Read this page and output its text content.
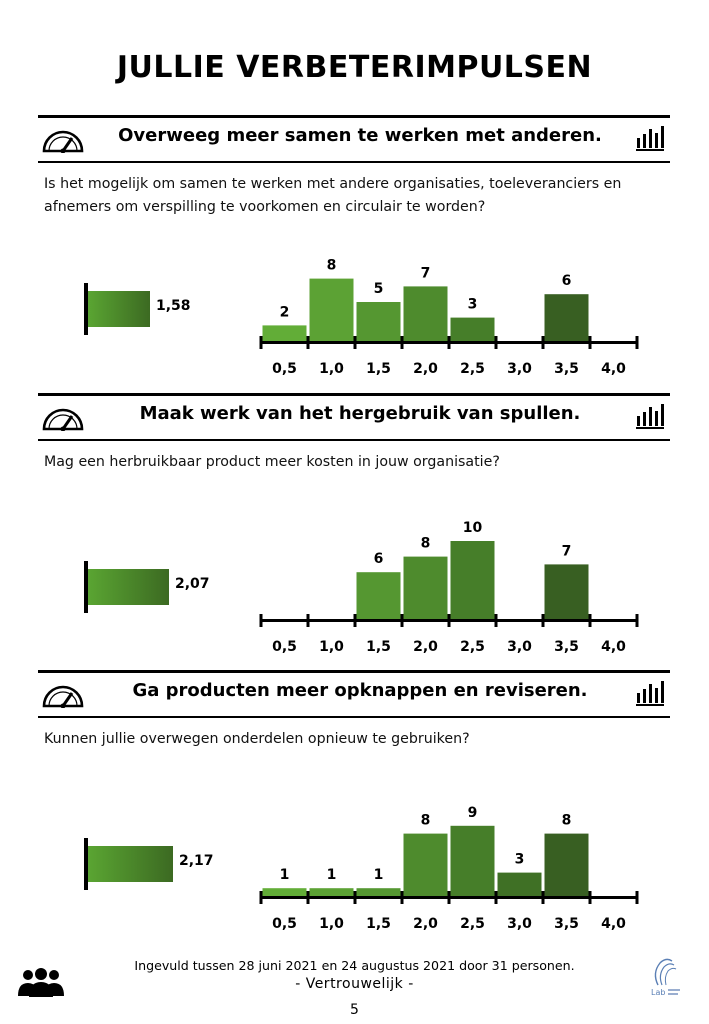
JULLIE VERBETERIMPULSEN
Overweeg meer samen te werken met anderen.
Is het mogelijk om samen te werken met andere organisaties, toeleveranciers en afnemers om verspilling te voorkomen en circulair te worden?
1,58	2
8
5
7
3
6
0,5	1,0	1,5	2,0	2,5	3,0	3,5	4,0
Maak werk van het hergebruik van spullen.
Mag een herbruikbaar product meer kosten in jouw organisatie?
2,07
6
8
10
7
0,5	1,0	1,5	2,0	2,5	3,0	3,5	4,0
Ga producten meer opknappen en reviseren.
Kunnen jullie overwegen onderdelen opnieuw te gebruiken?
2,17
1	1	1
8	9
3
8
0,5	1,0	1,5	2,0	2,5	3,0	3,5	4,0
Ingevuld tussen 28 juni 2021 en 24 augustus 2021 door 31 personen.
- Vertrouwelijk -
5
Lab
